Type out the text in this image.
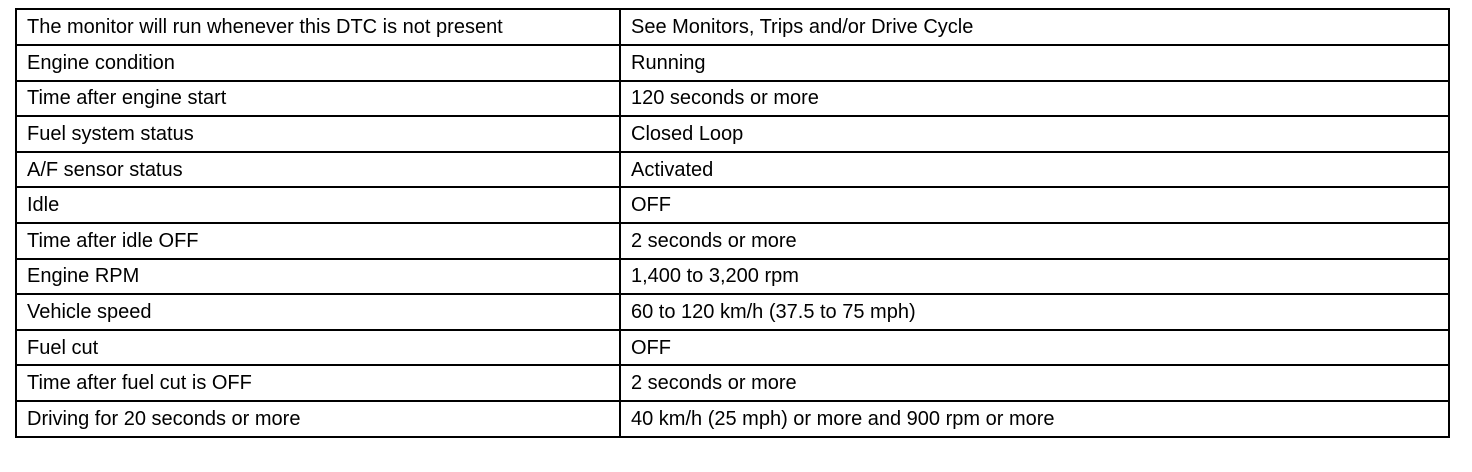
The monitor will run whenever this DTC is not present	See Monitors, Trips and/or Drive Cycle
Engine condition	Running
Time after engine start	120 seconds or more
Fuel system status	Closed Loop
A/F sensor status	Activated
Idle	OFF
Time after idle OFF	2 seconds or more
Engine RPM	1,400 to 3,200 rpm
Vehicle speed	60 to 120 km/h (37.5 to 75 mph)
Fuel cut	OFF
Time after fuel cut is OFF	2 seconds or more
Driving for 20 seconds or more	40 km/h (25 mph) or more and 900 rpm or more
